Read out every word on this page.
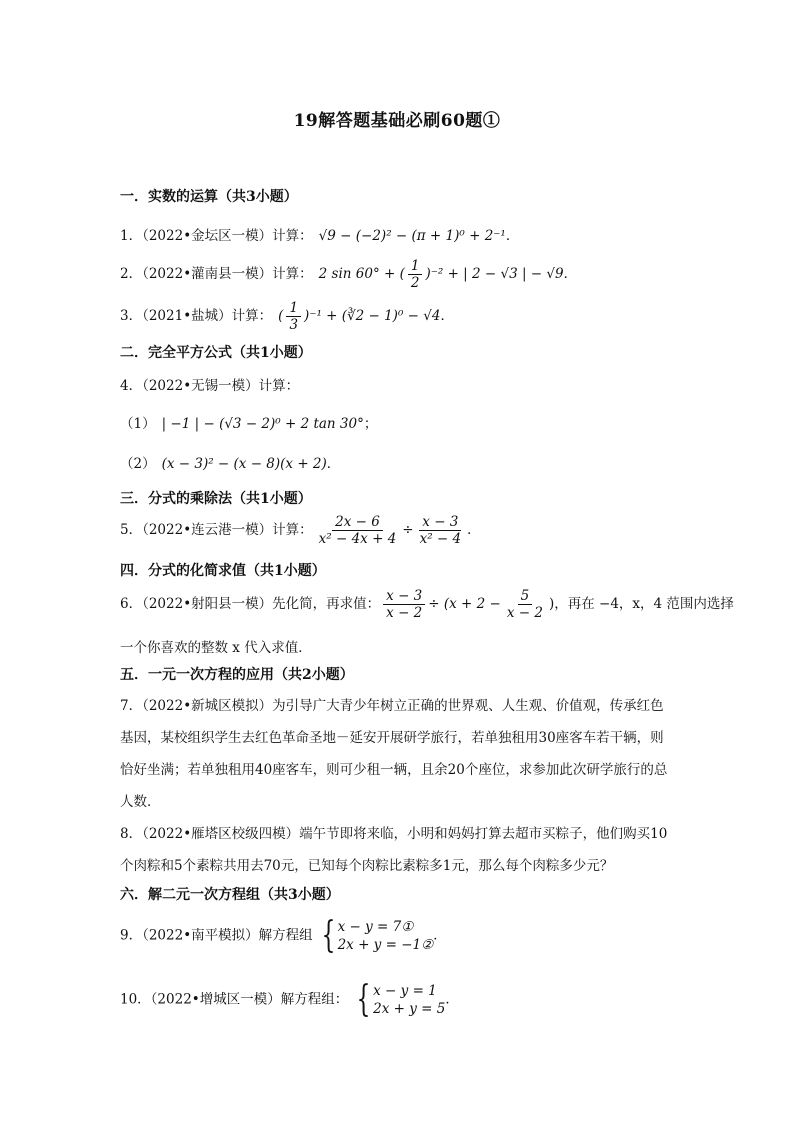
19解答题基础必刷60题①
一．实数的运算（共3小题）
1．（2022•金坛区一模）计算： √9 − (−2)² − (π + 1)⁰ + 2⁻¹．
2．（2022•灌南县一模）计算： 2 sin 60° + ( $\frac{1}{2} )^{-2}$ + | 2 − √3 | − √9．
3．（2021•盐城）计算： ( $\frac{1}{3} )^{-1}$ + (∛2 − 1)⁰ − √4．
二．完全平方公式（共1小题）
4．（2022•无锡一模）计算：
（1） | −1 | − (√3 − 2)⁰ + 2 tan 30°；
（2） (x − 3)² − (x − 8)(x + 2)．
三．分式的乘除法（共1小题）
5．（2022•连云港一模）计算： $\frac{2x - 6}{\text{x² − 4x + 4}} \div \frac{x - 3}{\text{x² − 4}}$ ．
四．分式的化简求值（共1小题）
6．（2022•射阳县一模）先化简，再求值： $\frac{x - 3}{x - 2} \div (x + 2 - \frac{5}{x - 2}$ )，再在 −4，x，4 范围内选择
一个你喜欢的整数 x 代入求值．
五．一元一次方程的应用（共2小题）
7．（2022•新城区模拟）为引导广大青少年树立正确的世界观、人生观、价值观，传承红色基因，某校组织学生去红色革命圣地－延安开展研学旅行，若单独租用30座客车若干辆，则恰好坐满；若单独租用40座客车，则可少租一辆，且余20个座位，求参加此次研学旅行的总人数．
8．（2022•雁塔区校级四模）端午节即将来临，小明和妈妈打算去超市买粽子，他们购买10个肉粽和5个素粽共用去70元，已知每个肉粽比素粽多1元，那么每个肉粽多少元？
六．解二元一次方程组（共3小题）
9．（2022•南平模拟）解方程组 { x − y = 7①
2x + y = −1②
．
10．（2022•增城区一模）解方程组： { x − y = 1
2x + y = 5
．
